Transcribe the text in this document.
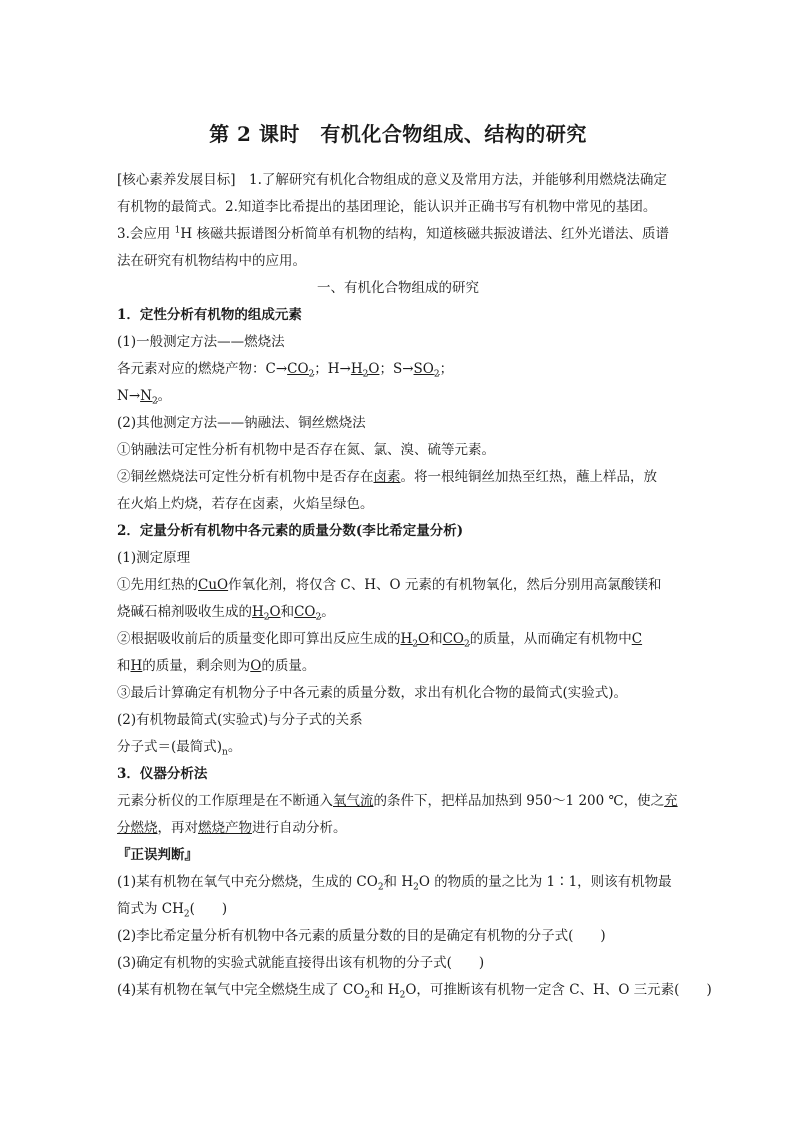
第 2 课时　有机化合物组成、结构的研究

[核心素养发展目标]　1.了解研究有机化合物组成的意义及常用方法，并能够利用燃烧法确定

有机物的最简式。2.知道李比希提出的基团理论，能认识并正确书写有机物中常见的基团。

3.会应用 $^1$H 核磁共振谱图分析简单有机物的结构，知道核磁共振波谱法、红外光谱法、质谱

法在研究有机物结构中的应用。

一、有机化合物组成的研究

1．定性分析有机物的组成元素

(1)一般测定方法——燃烧法

各元素对应的燃烧产物：$C\to CO_2$；$H\to H_2O$；$S\to SO_2$；

$N\to N_2$。

(2)其他测定方法——钠融法、铜丝燃烧法

①钠融法可定性分析有机物中是否存在氮、氯、溴、硫等元素。

②铜丝燃烧法可定性分析有机物中是否存在卤素。将一根纯铜丝加热至红热，蘸上样品，放

在火焰上灼烧，若存在卤素，火焰呈绿色。

2．定量分析有机物中各元素的质量分数(李比希定量分析)

(1)测定原理

①先用红热的CuO作氧化剂，将仅含 C、H、O 元素的有机物氧化，然后分别用高氯酸镁和

烧碱石棉剂吸收生成的$H_2O$和$CO_2$。

②根据吸收前后的质量变化即可算出反应生成的$H_2O$和$CO_2$的质量，从而确定有机物中C

和H的质量，剩余则为O的质量。

③最后计算确定有机物分子中各元素的质量分数，求出有机化合物的最简式(实验式)。

(2)有机物最简式(实验式)与分子式的关系

分子式＝(最简式)$_n$。

3．仪器分析法

元素分析仪的工作原理是在不断通入氧气流的条件下，把样品加热到 950～1 200 ℃，使之充

分燃烧，再对燃烧产物进行自动分析。

『正误判断』

(1)某有机物在氧气中充分燃烧，生成的 $CO_2$和 $H_2O$ 的物质的量之比为 1∶1，则该有机物最

简式为 $CH_2$(　　)

(2)李比希定量分析有机物中各元素的质量分数的目的是确定有机物的分子式(　　)

(3)确定有机物的实验式就能直接得出该有机物的分子式(　　)

(4)某有机物在氧气中完全燃烧生成了 $CO_2$和 $H_2O$，可推断该有机物一定含 C、H、O 三元素(　　)
